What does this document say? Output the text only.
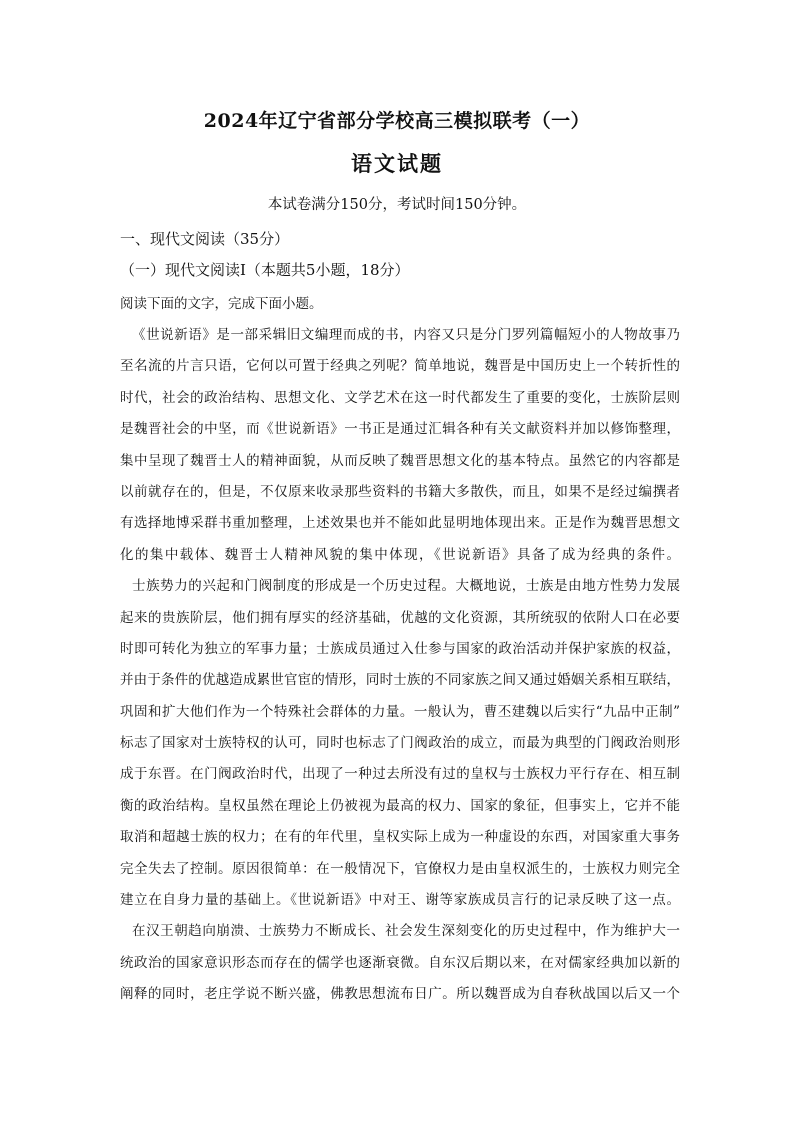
2024年辽宁省部分学校高三模拟联考（一）
语文试题
本试卷满分150分，考试时间150分钟。
一、现代文阅读（35分）
（一）现代文阅读Ⅰ（本题共5小题，18分）
阅读下面的文字，完成下面小题。
《世说新语》是一部采辑旧文编理而成的书，内容又只是分门罗列篇幅短小的人物故事乃
至名流的片言只语，它何以可置于经典之列呢？简单地说，魏晋是中国历史上一个转折性的
时代，社会的政治结构、思想文化、文学艺术在这一时代都发生了重要的变化，士族阶层则
是魏晋社会的中坚，而《世说新语》一书正是通过汇辑各种有关文献资料并加以修饰整理，
集中呈现了魏晋士人的精神面貌，从而反映了魏晋思想文化的基本特点。虽然它的内容都是
以前就存在的，但是，不仅原来收录那些资料的书籍大多散佚，而且，如果不是经过编撰者
有选择地博采群书重加整理，上述效果也并不能如此显明地体现出来。正是作为魏晋思想文
化的集中载体、魏晋士人精神风貌的集中体现，《世说新语》具备了成为经典的条件。
士族势力的兴起和门阀制度的形成是一个历史过程。大概地说，士族是由地方性势力发展
起来的贵族阶层，他们拥有厚实的经济基础，优越的文化资源，其所统驭的依附人口在必要
时即可转化为独立的军事力量；士族成员通过入仕参与国家的政治活动并保护家族的权益，
并由于条件的优越造成累世官宦的情形，同时士族的不同家族之间又通过婚姻关系相互联结，
巩固和扩大他们作为一个特殊社会群体的力量。一般认为，曹丕建魏以后实行“九品中正制”
标志了国家对士族特权的认可，同时也标志了门阀政治的成立，而最为典型的门阀政治则形
成于东晋。在门阀政治时代，出现了一种过去所没有过的皇权与士族权力平行存在、相互制
衡的政治结构。皇权虽然在理论上仍被视为最高的权力、国家的象征，但事实上，它并不能
取消和超越士族的权力；在有的年代里，皇权实际上成为一种虚设的东西，对国家重大事务
完全失去了控制。原因很简单：在一般情况下，官僚权力是由皇权派生的，士族权力则完全
建立在自身力量的基础上。《世说新语》中对王、谢等家族成员言行的记录反映了这一点。
在汉王朝趋向崩溃、士族势力不断成长、社会发生深刻变化的历史过程中，作为维护大一
统政治的国家意识形态而存在的儒学也逐渐衰微。自东汉后期以来，在对儒家经典加以新的
阐释的同时，老庄学说不断兴盛，佛教思想流布日广。所以魏晋成为自春秋战国以后又一个
